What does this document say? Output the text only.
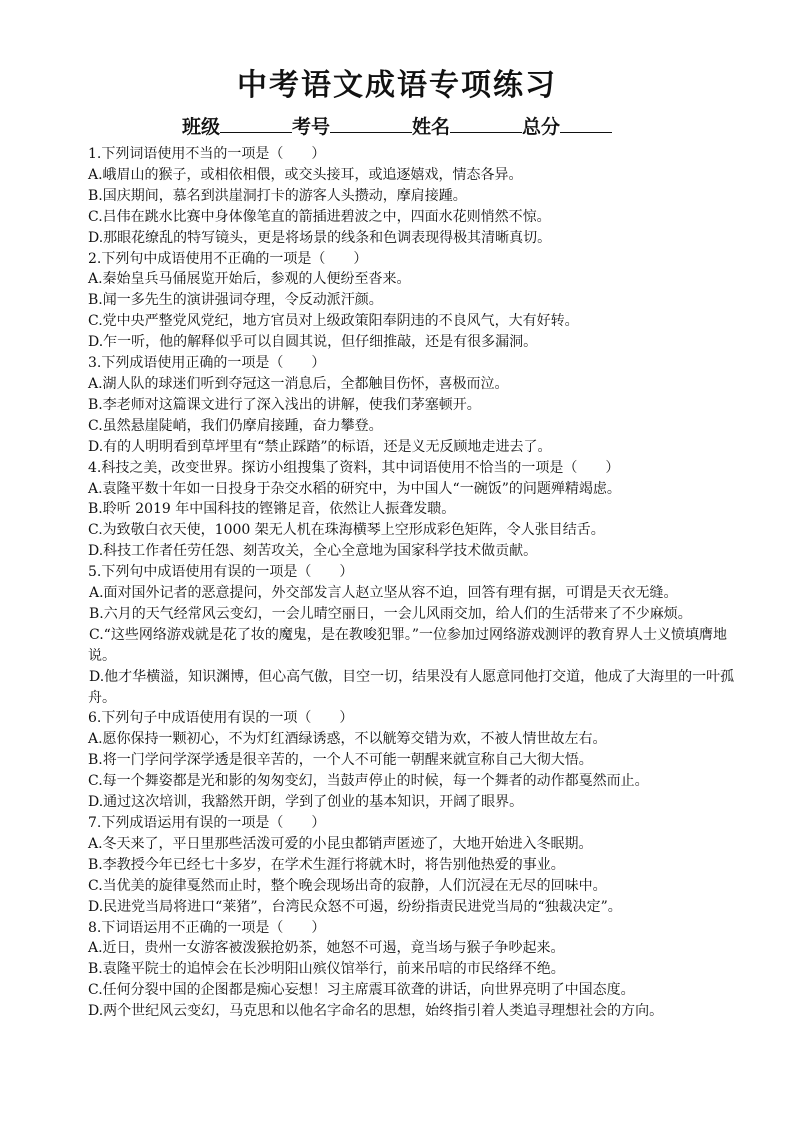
中考语文成语专项练习
班级	考号	姓名	总分
1.下列词语使用不当的一项是（　　）
A.峨眉山的猴子，或相依相偎，或交头接耳，或追逐嬉戏，情态各异。
B.国庆期间，慕名到洪崖洞打卡的游客人头攒动，摩肩接踵。
C.吕伟在跳水比赛中身体像笔直的箭插进碧波之中，四面水花则悄然不惊。
D.那眼花缭乱的特写镜头，更是将场景的线条和色调表现得极其清晰真切。
2.下列句中成语使用不正确的一项是（　　）
A.秦始皇兵马俑展览开始后，参观的人便纷至沓来。
B.闻一多先生的演讲强词夺理，令反动派汗颜。
C.党中央严整党风党纪，地方官员对上级政策阳奉阴违的不良风气，大有好转。
D.乍一听，他的解释似乎可以自圆其说，但仔细推敲，还是有很多漏洞。
3.下列成语使用正确的一项是（　　）
A.湖人队的球迷们听到夺冠这一消息后，全都触目伤怀，喜极而泣。
B.李老师对这篇课文进行了深入浅出的讲解，使我们茅塞顿开。
C.虽然悬崖陡峭，我们仍摩肩接踵，奋力攀登。
D.有的人明明看到草坪里有“禁止踩踏”的标语，还是义无反顾地走进去了。
4.科技之美，改变世界。探访小组搜集了资料，其中词语使用不恰当的一项是（　　）
A.袁隆平数十年如一日投身于杂交水稻的研究中，为中国人“一碗饭”的问题殚精竭虑。
B.聆听 2019 年中国科技的铿锵足音，依然让人振聋发聩。
C.为致敬白衣天使，1000 架无人机在珠海横琴上空形成彩色矩阵，令人张目结舌。
D.科技工作者任劳任怨、刻苦攻关，全心全意地为国家科学技术做贡献。
5.下列句中成语使用有误的一项是（　　）
A.面对国外记者的恶意提问，外交部发言人赵立坚从容不迫，回答有理有据，可谓是天衣无缝。
B.六月的天气经常风云变幻，一会儿晴空丽日，一会儿风雨交加，给人们的生活带来了不少麻烦。
C.“这些网络游戏就是花了妆的魔鬼，是在教唆犯罪。”一位参加过网络游戏测评的教育界人士义愤填膺地说。
D.他才华横溢，知识渊博，但心高气傲，目空一切，结果没有人愿意同他打交道，他成了大海里的一叶孤舟。
6.下列句子中成语使用有误的一项（　　）
A.愿你保持一颗初心，不为灯红酒绿诱惑，不以觥筹交错为欢，不被人情世故左右。
B.将一门学问学深学透是很辛苦的，一个人不可能一朝醒来就宣称自己大彻大悟。
C.每一个舞姿都是光和影的匆匆变幻，当鼓声停止的时候，每一个舞者的动作都戛然而止。
D.通过这次培训，我豁然开朗，学到了创业的基本知识，开阔了眼界。
7.下列成语运用有误的一项是（　　）
A.冬天来了，平日里那些活泼可爱的小昆虫都销声匿迹了，大地开始进入冬眠期。
B.李教授今年已经七十多岁，在学术生涯行将就木时，将告别他热爱的事业。
C.当优美的旋律戛然而止时，整个晚会现场出奇的寂静，人们沉浸在无尽的回味中。
D.民进党当局将进口“莱猪”，台湾民众怒不可遏，纷纷指责民进党当局的“独裁决定”。
8.下词语运用不正确的一项是（　　）
A.近日，贵州一女游客被泼猴抢奶茶，她怒不可遏，竟当场与猴子争吵起来。
B.袁隆平院士的追悼会在长沙明阳山殡仪馆举行，前来吊唁的市民络绎不绝。
C.任何分裂中国的企图都是痴心妄想！习主席震耳欲聋的讲话，向世界亮明了中国态度。
D.两个世纪风云变幻，马克思和以他名字命名的思想，始终指引着人类追寻理想社会的方向。
